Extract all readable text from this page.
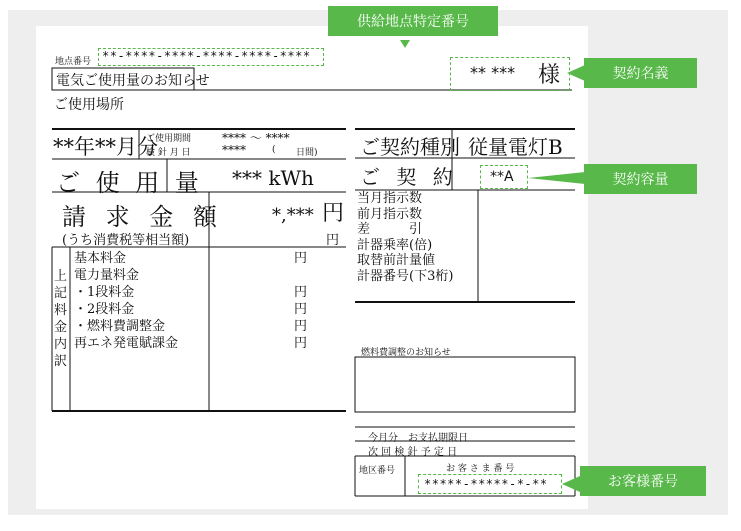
供給地点特定番号
契約名義
契約容量
お客様番号
地点番号 **-****-****-****-****-****
電気ご使用量のお知らせ
ご使用場所
** *** 様
**年**月分
ご使用期間
検 針 月 日
**** ～ ****
****	( 日間)
ご 使 用 量 *** kWh
請 求 金 額
(うち消費税等相当額)
*,*** 円
円
上
記
料
金
内
訳
基本料金
電力量料金
・1段料金
・2段料金
・燃料費調整金
再エネ発電賦課金
円
円
円
円
円
ご契約種別 従量電灯B
ご 契 約 **A
当月指示数
前月指示数
差　　　引
計器乗率(倍)
取替前計量値
計器番号(下3桁)
燃料費調整のお知らせ
今月分　お支払期限日
次 回 検 針 予 定 日
地区番号	お 客 さ ま 番 号
*****-*****-*-**
